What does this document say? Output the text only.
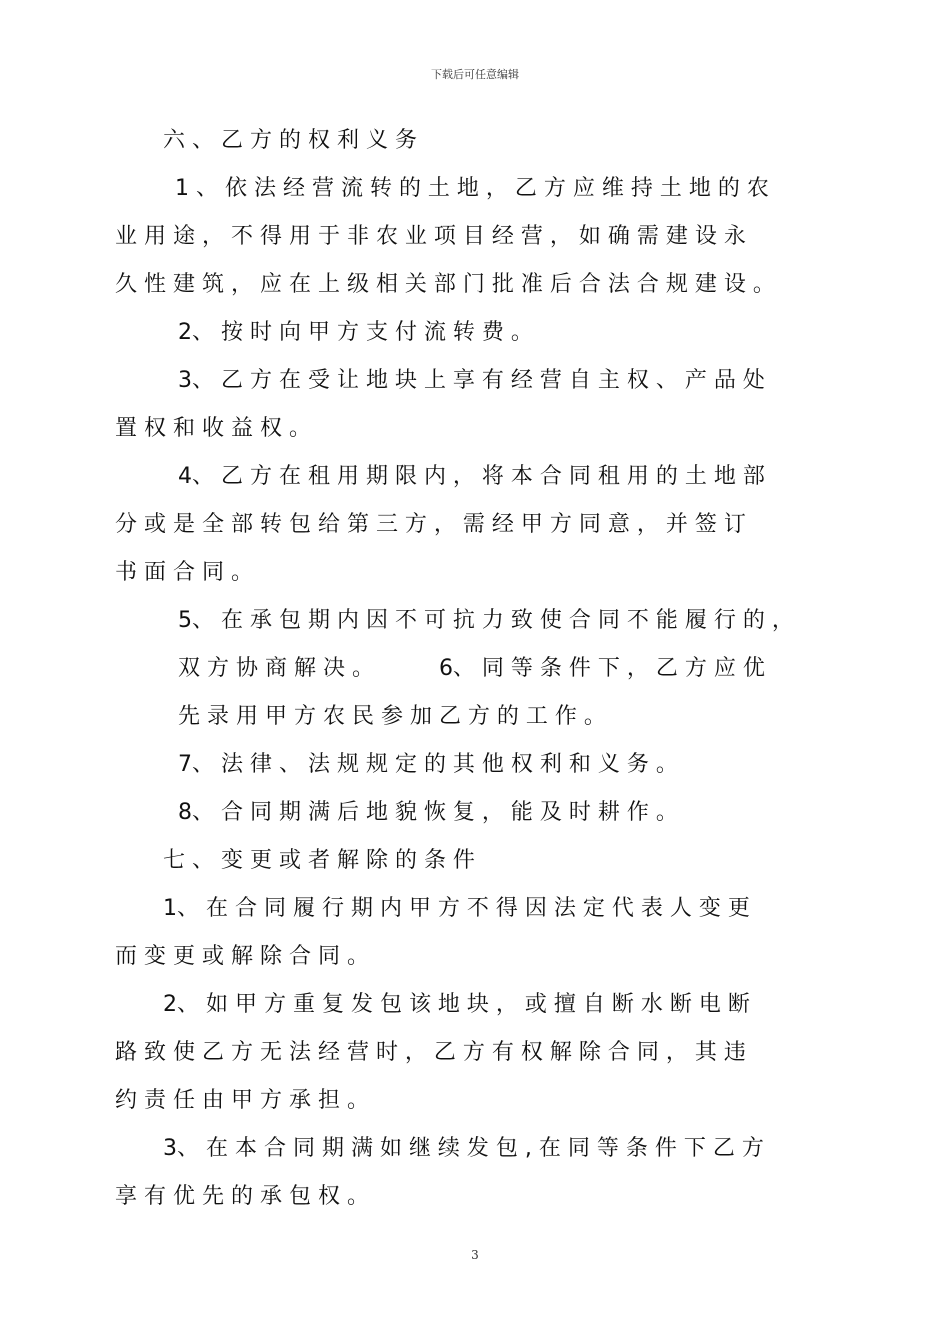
下载后可任意编辑
六 、 乙 方 的 权 利 义 务
1 、 依 法 经 营 流 转 的 土 地 ， 乙 方 应 维 持 土 地 的 农
业 用 途 ， 不 得 用 于 非 农 业 项 目 经 营 ， 如 确 需 建 设 永
久 性 建 筑 ， 应 在 上 级 相 关 部 门 批 准 后 合 法 合 规 建 设 。
2、 按 时 向 甲 方 支 付 流 转 费 。
3、 乙 方 在 受 让 地 块 上 享 有 经 营 自 主 权 、 产 品 处
置 权 和 收 益 权 。
4、 乙 方 在 租 用 期 限 内 ， 将 本 合 同 租 用 的 土 地 部
分 或 是 全 部 转 包 给 第 三 方 ， 需 经 甲 方 同 意 ， 并 签 订
书 面 合 同 。
5、 在 承 包 期 内 因 不 可 抗 力 致 使 合 同 不 能 履 行 的 ，
双 方 协 商 解 决 。 　 　 6、 同 等 条 件 下 ， 乙 方 应 优
先 录 用 甲 方 农 民 参 加 乙 方 的 工 作 。
7、 法 律 、 法 规 规 定 的 其 他 权 利 和 义 务 。
8、 合 同 期 满 后 地 貌 恢 复 ， 能 及 时 耕 作 。
七 、 变 更 或 者 解 除 的 条 件
1、 在 合 同 履 行 期 内 甲 方 不 得 因 法 定 代 表 人 变 更
而 变 更 或 解 除 合 同 。
2、 如 甲 方 重 复 发 包 该 地 块 ， 或 擅 自 断 水 断 电 断
路 致 使 乙 方 无 法 经 营 时 ， 乙 方 有 权 解 除 合 同 ， 其 违
约 责 任 由 甲 方 承 担 。
3、 在 本 合 同 期 满 如 继 续 发 包 , 在 同 等 条 件 下 乙 方
享 有 优 先 的 承 包 权 。
3
